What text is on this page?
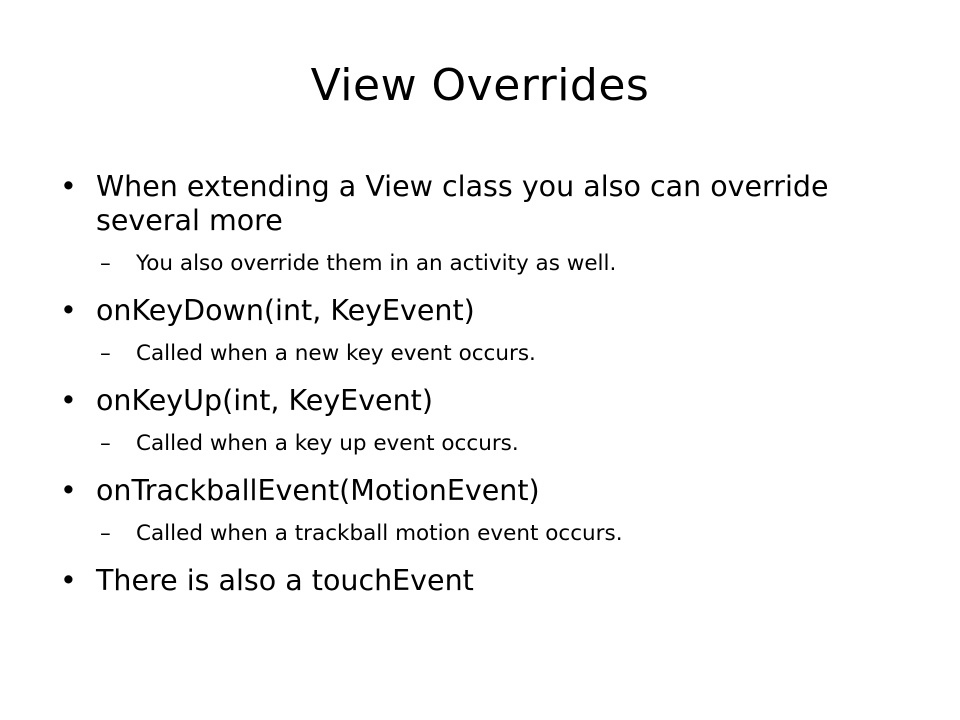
View Overrides
• When extending a View class you also can override several more
– You also override them in an activity as well.
• onKeyDown(int, KeyEvent)
– Called when a new key event occurs.
• onKeyUp(int, KeyEvent)
– Called when a key up event occurs.
• onTrackballEvent(MotionEvent)
– Called when a trackball motion event occurs.
• There is also a touchEvent
